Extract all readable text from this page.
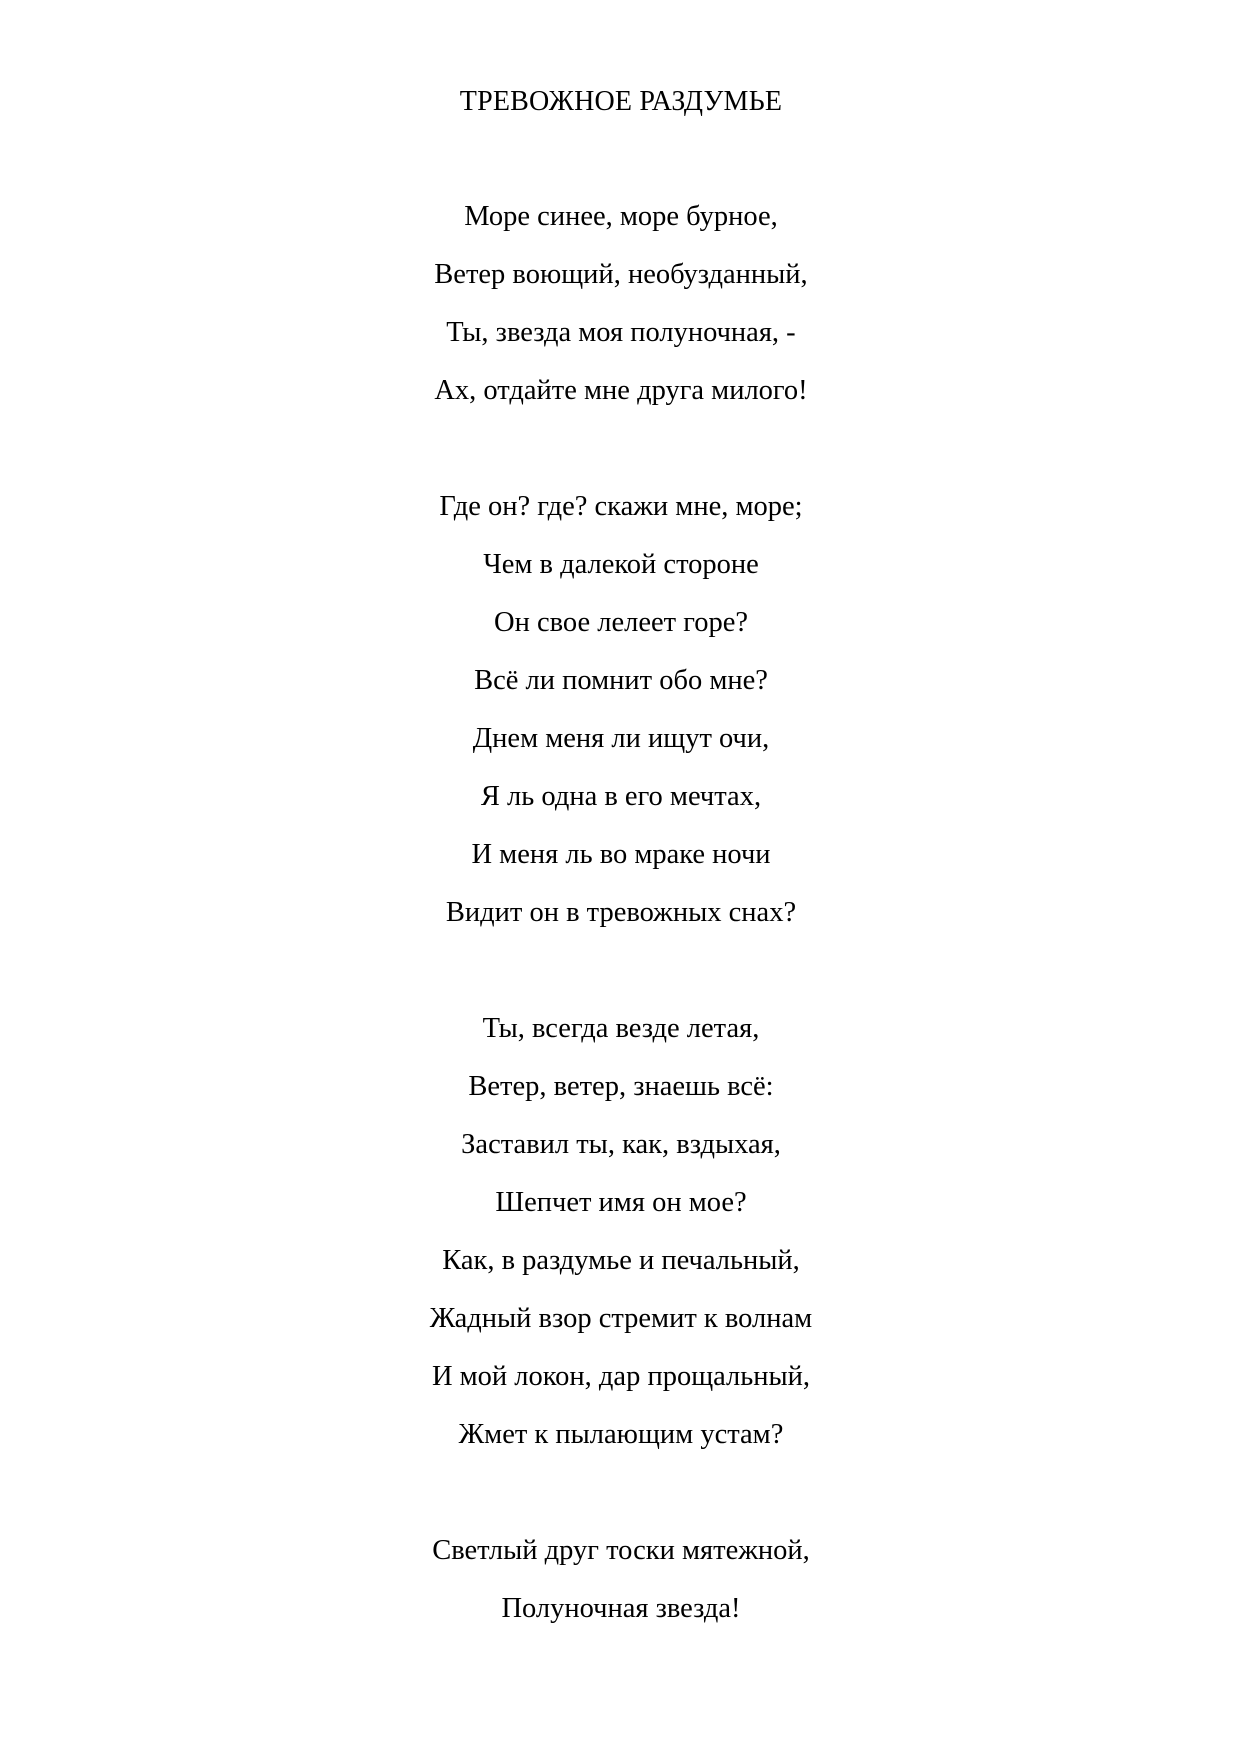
ТРЕВОЖНОЕ РАЗДУМЬЕ
Море синее, море бурное,
Ветер воющий, необузданный,
Ты, звезда моя полуночная, -
Ах, отдайте мне друга милого!
Где он? где? скажи мне, море;
Чем в далекой стороне
Он свое лелеет горе?
Всё ли помнит обо мне?
Днем меня ли ищут очи,
Я ль одна в его мечтах,
И меня ль во мраке ночи
Видит он в тревожных снах?
Ты, всегда везде летая,
Ветер, ветер, знаешь всё:
Заставил ты, как, вздыхая,
Шепчет имя он мое?
Как, в раздумье и печальный,
Жадный взор стремит к волнам
И мой локон, дар прощальный,
Жмет к пылающим устам?
Светлый друг тоски мятежной,
Полуночная звезда!
